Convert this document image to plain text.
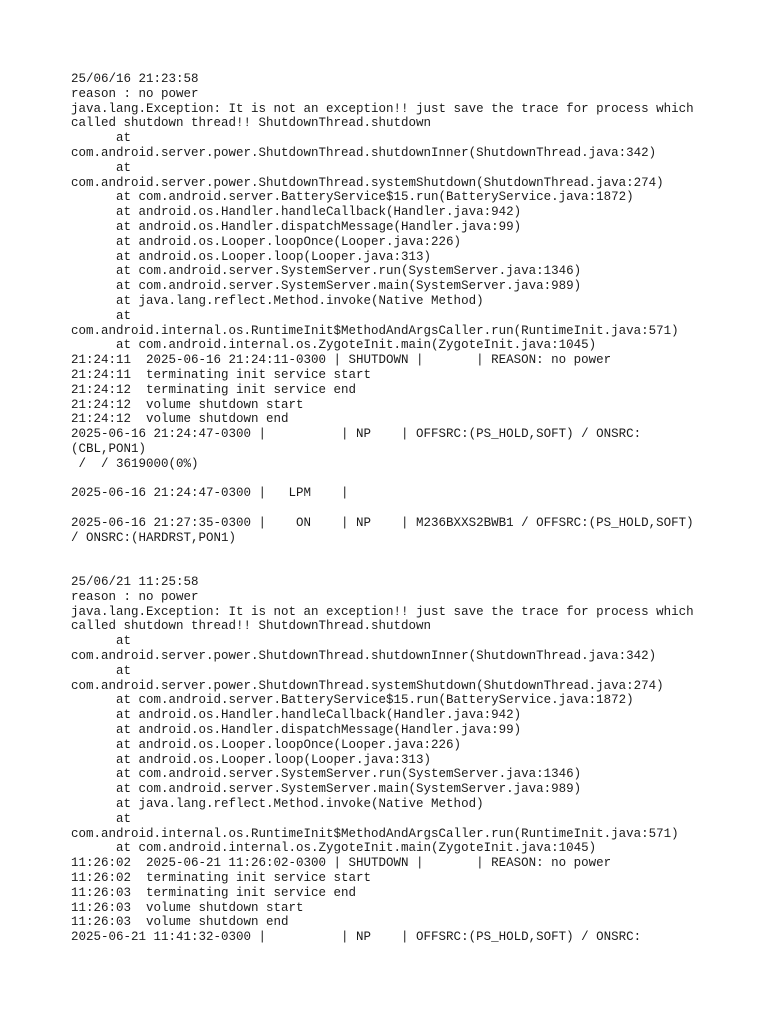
25/06/16 21:23:58
reason : no power
java.lang.Exception: It is not an exception!! just save the trace for process which
called shutdown thread!! ShutdownThread.shutdown
at
com.android.server.power.ShutdownThread.shutdownInner(ShutdownThread.java:342)
at
com.android.server.power.ShutdownThread.systemShutdown(ShutdownThread.java:274)
at com.android.server.BatteryService$15.run(BatteryService.java:1872)
at android.os.Handler.handleCallback(Handler.java:942)
at android.os.Handler.dispatchMessage(Handler.java:99)
at android.os.Looper.loopOnce(Looper.java:226)
at android.os.Looper.loop(Looper.java:313)
at com.android.server.SystemServer.run(SystemServer.java:1346)
at com.android.server.SystemServer.main(SystemServer.java:989)
at java.lang.reflect.Method.invoke(Native Method)
at
com.android.internal.os.RuntimeInit$MethodAndArgsCaller.run(RuntimeInit.java:571)
at com.android.internal.os.ZygoteInit.main(ZygoteInit.java:1045)
21:24:11  2025-06-16 21:24:11-0300 | SHUTDOWN |       | REASON: no power
21:24:11  terminating init service start
21:24:12  terminating init service end
21:24:12  volume shutdown start
21:24:12  volume shutdown end
2025-06-16 21:24:47-0300 |          | NP    | OFFSRC:(PS_HOLD,SOFT) / ONSRC:
(CBL,PON1)
/  / 3619000(0%)
2025-06-16 21:24:47-0300 |   LPM    |
2025-06-16 21:27:35-0300 |    ON    | NP    | M236BXXS2BWB1 / OFFSRC:(PS_HOLD,SOFT)
/ ONSRC:(HARDRST,PON1)
25/06/21 11:25:58
reason : no power
java.lang.Exception: It is not an exception!! just save the trace for process which
called shutdown thread!! ShutdownThread.shutdown
at
com.android.server.power.ShutdownThread.shutdownInner(ShutdownThread.java:342)
at
com.android.server.power.ShutdownThread.systemShutdown(ShutdownThread.java:274)
at com.android.server.BatteryService$15.run(BatteryService.java:1872)
at android.os.Handler.handleCallback(Handler.java:942)
at android.os.Handler.dispatchMessage(Handler.java:99)
at android.os.Looper.loopOnce(Looper.java:226)
at android.os.Looper.loop(Looper.java:313)
at com.android.server.SystemServer.run(SystemServer.java:1346)
at com.android.server.SystemServer.main(SystemServer.java:989)
at java.lang.reflect.Method.invoke(Native Method)
at
com.android.internal.os.RuntimeInit$MethodAndArgsCaller.run(RuntimeInit.java:571)
at com.android.internal.os.ZygoteInit.main(ZygoteInit.java:1045)
11:26:02  2025-06-21 11:26:02-0300 | SHUTDOWN |       | REASON: no power
11:26:02  terminating init service start
11:26:03  terminating init service end
11:26:03  volume shutdown start
11:26:03  volume shutdown end
2025-06-21 11:41:32-0300 |          | NP    | OFFSRC:(PS_HOLD,SOFT) / ONSRC:
